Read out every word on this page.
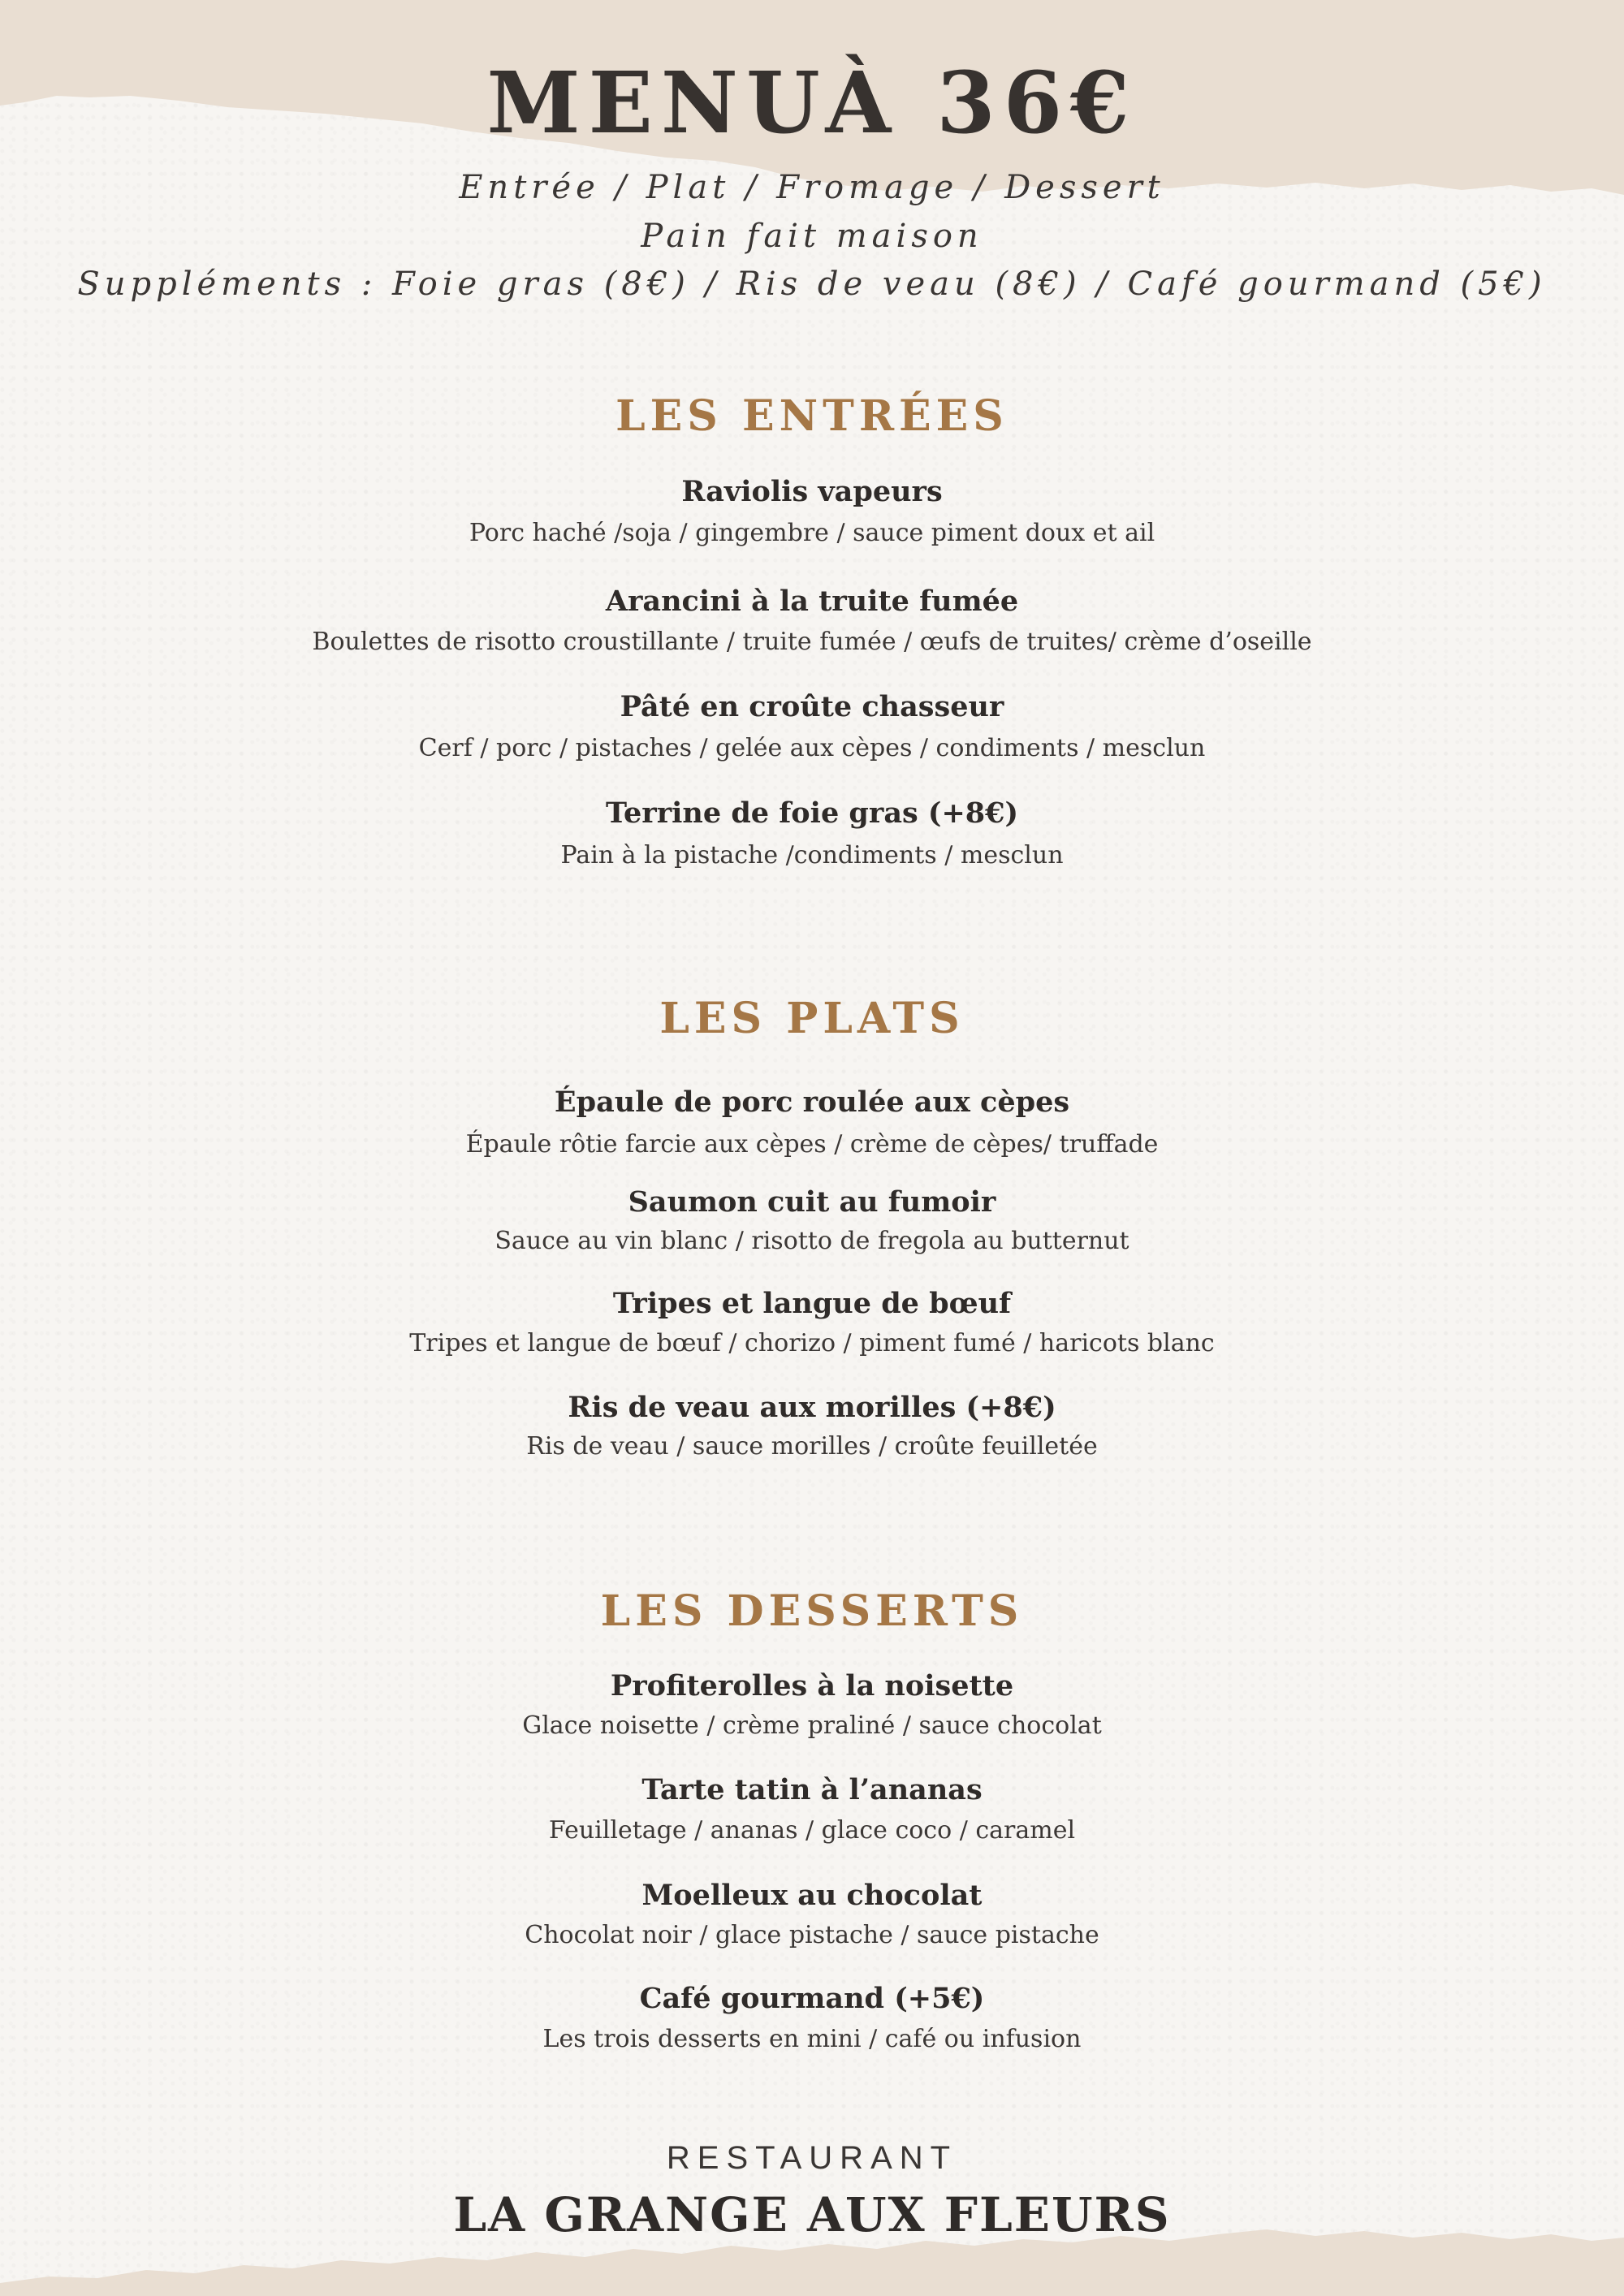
MENUÀ 36€
Entrée / Plat / Fromage / Dessert
Pain fait maison
Suppléments : Foie gras (8€) / Ris de veau (8€) / Café gourmand (5€)
LES ENTRÉES
Raviolis vapeurs
Porc haché /soja / gingembre / sauce piment doux et ail
Arancini à la truite fumée
Boulettes de risotto croustillante / truite fumée / œufs de truites/ crème d’oseille
Pâté en croûte chasseur
Cerf / porc / pistaches / gelée aux cèpes / condiments / mesclun
Terrine de foie gras (+8€)
Pain à la pistache /condiments / mesclun
LES PLATS
Épaule de porc roulée aux cèpes
Épaule rôtie farcie aux cèpes / crème de cèpes/ truffade
Saumon cuit au fumoir
Sauce au vin blanc / risotto de fregola au butternut
Tripes et langue de bœuf
Tripes et langue de bœuf / chorizo / piment fumé / haricots blanc
Ris de veau aux morilles (+8€)
Ris de veau / sauce morilles / croûte feuilletée
LES DESSERTS
Profiterolles à la noisette
Glace noisette / crème praliné / sauce chocolat
Tarte tatin à l’ananas
Feuilletage / ananas / glace coco / caramel
Moelleux au chocolat
Chocolat noir / glace pistache / sauce pistache
Café gourmand (+5€)
Les trois desserts en mini / café ou infusion
RESTAURANT
LA GRANGE AUX FLEURS
